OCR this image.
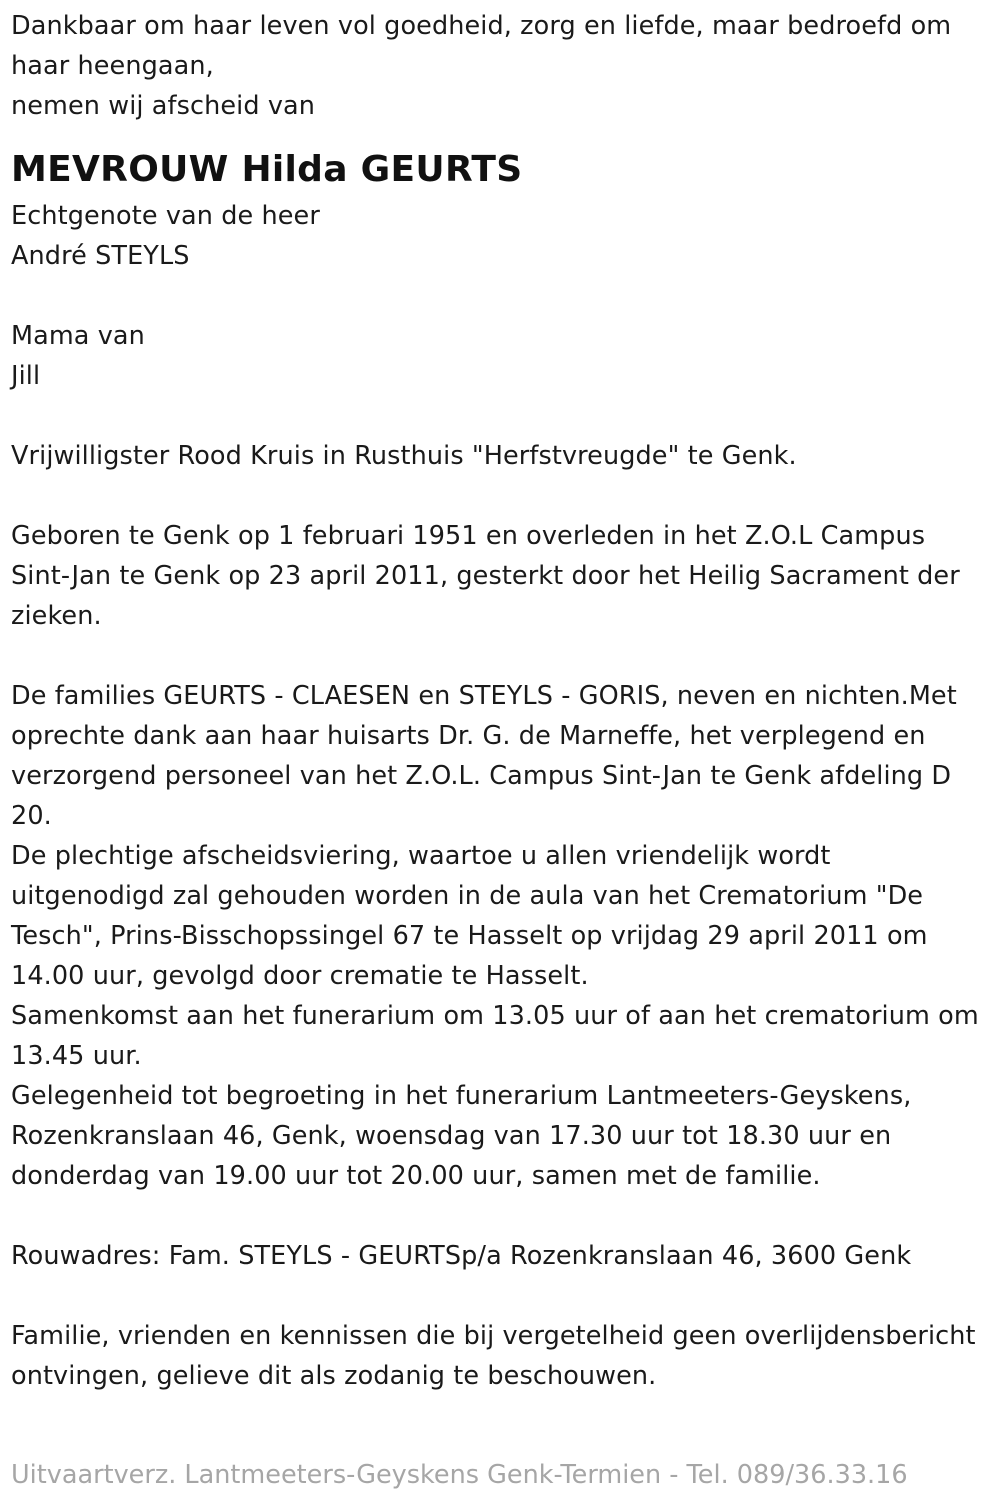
Dankbaar om haar leven vol goedheid, zorg en liefde, maar bedroefd om haar heengaan,

nemen wij afscheid van

MEVROUW Hilda GEURTS

Echtgenote van de heer

André STEYLS

Mama van

Jill

Vrijwilligster Rood Kruis in Rusthuis "Herfstvreugde" te Genk.

Geboren te Genk op 1 februari 1951 en overleden in het Z.O.L Campus Sint-Jan te Genk op 23 april 2011, gesterkt door het Heilig Sacrament der zieken.

De families GEURTS - CLAESEN en STEYLS - GORIS, neven en nichten.Met oprechte dank aan haar huisarts Dr. G. de Marneffe, het verplegend en verzorgend personeel van het Z.O.L. Campus Sint-Jan te Genk afdeling D 20.

De plechtige afscheidsviering, waartoe u allen vriendelijk wordt uitgenodigd zal gehouden worden in de aula van het Crematorium "De Tesch", Prins-Bisschopssingel 67 te Hasselt op vrijdag 29 april 2011 om 14.00 uur, gevolgd door crematie te Hasselt.

Samenkomst aan het funerarium om 13.05 uur of aan het crematorium om 13.45 uur.

Gelegenheid tot begroeting in het funerarium Lantmeeters-Geyskens, Rozenkranslaan 46, Genk, woensdag van 17.30 uur tot 18.30 uur en donderdag van 19.00 uur tot 20.00 uur, samen met de familie.

Rouwadres: Fam. STEYLS - GEURTSp/a Rozenkranslaan 46, 3600 Genk

Familie, vrienden en kennissen die bij vergetelheid geen overlijdensbericht ontvingen, gelieve dit als zodanig te beschouwen.

Uitvaartverz. Lantmeeters-Geyskens Genk-Termien - Tel. 089/36.33.16
